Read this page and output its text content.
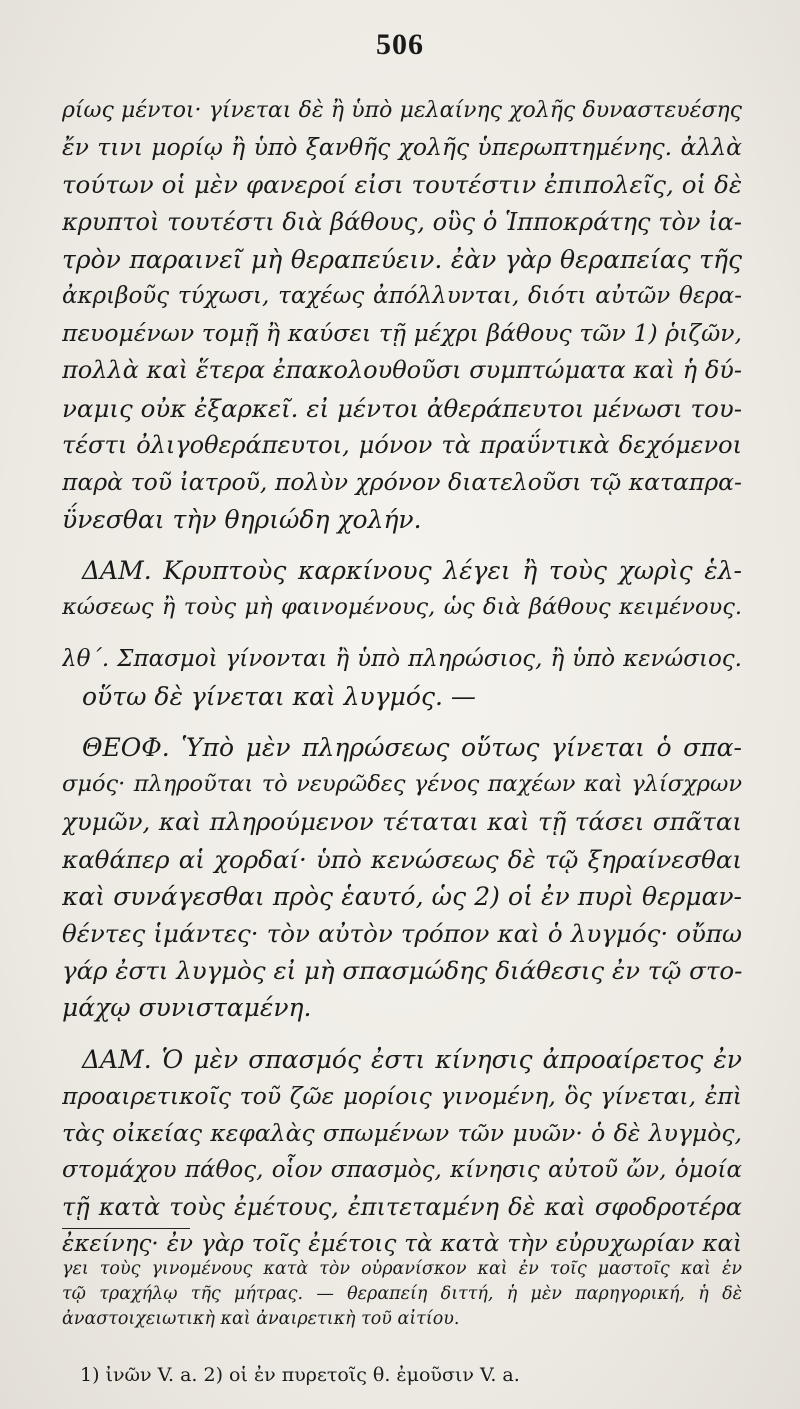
506
ρίως μέντοι· γίνεται δὲ ἢ ὑπὸ μελαίνης χολῆς δυναστευέσης
ἔν τινι μορίῳ ἢ ὑπὸ ξανθῆς χολῆς ὑπερωπτημένης. ἀλλὰ
τούτων οἱ μὲν φανεροί εἰσι τουτέστιν ἐπιπολεῖς, οἱ δὲ
κρυπτοὶ τουτέστι διὰ βάθους, οὓς ὁ Ἱπποκράτης τὸν ἰα-
τρὸν παραινεῖ μὴ θεραπεύειν. ἐὰν γὰρ θεραπείας τῆς
ἀκριβοῦς τύχωσι, ταχέως ἀπόλλυνται, διότι αὐτῶν θερα-
πευομένων τομῇ ἢ καύσει τῇ μέχρι βάθους τῶν 1) ῥιζῶν,
πολλὰ καὶ ἕτερα ἐπακολουθοῦσι συμπτώματα καὶ ἡ δύ-
ναμις οὐκ ἐξαρκεῖ. εἰ μέντοι ἀθεράπευτοι μένωσι του-
τέστι ὀλιγοθεράπευτοι, μόνον τὰ πραΰντικὰ δεχόμενοι
παρὰ τοῦ ἰατροῦ, πολὺν χρόνον διατελοῦσι τῷ καταπρα-
ΰνεσθαι τὴν θηριώδη χολήν.
ΔΑΜ. Κρυπτοὺς καρκίνους λέγει ἢ τοὺς χωρὶς ἑλ-
κώσεως ἢ τοὺς μὴ φαινομένους, ὡς διὰ βάθους κειμένους.
λθ΄. Σπασμοὶ γίνονται ἢ ὑπὸ πληρώσιος, ἢ ὑπὸ κενώσιος.
οὕτω δὲ γίνεται καὶ λυγμός. —
ΘΕΟΦ. Ὑπὸ μὲν πληρώσεως οὕτως γίνεται ὁ σπα-
σμός· πληροῦται τὸ νευρῶδες γένος παχέων καὶ γλίσχρων
χυμῶν, καὶ πληρούμενον τέταται καὶ τῇ τάσει σπᾶται
καθάπερ αἱ χορδαί· ὑπὸ κενώσεως δὲ τῷ ξηραίνεσθαι
καὶ συνάγεσθαι πρὸς ἑαυτό, ὡς 2) οἱ ἐν πυρὶ θερμαν-
θέντες ἱμάντες· τὸν αὐτὸν τρόπον καὶ ὁ λυγμός· οὔπω
γάρ ἐστι λυγμὸς εἰ μὴ σπασμώδης διάθεσις ἐν τῷ στο-
μάχῳ συνισταμένη.
ΔΑΜ. Ὁ μὲν σπασμός ἐστι κίνησις ἀπροαίρετος ἐν
προαιρετικοῖς τοῦ ζῶε μορίοις γινομένη, ὃς γίνεται, ἐπὶ
τὰς οἰκείας κεφαλὰς σπωμένων τῶν μυῶν· ὁ δὲ λυγμὸς,
στομάχου πάθος, οἷον σπασμὸς, κίνησις αὐτοῦ ὤν, ὁμοία
τῇ κατὰ τοὺς ἐμέτους, ἐπιτεταμένη δὲ καὶ σφοδροτέρα
ἐκείνης· ἐν γὰρ τοῖς ἐμέτοις τὰ κατὰ τὴν εὐρυχωρίαν καὶ
γει τοὺς γινομένους κατὰ τὸν οὐρανίσκον καὶ ἐν τοῖς μαστοῖς καὶ ἐν
τῷ τραχήλῳ τῆς μήτρας. — θεραπείη διττή, ἡ μὲν παρηγορική, ἡ δὲ
ἀναστοιχειωτικὴ καὶ ἀναιρετικὴ τοῦ αἰτίου.
1) ἰνῶν V. a. 2) οἱ ἐν πυρετοῖς θ. ἐμοῦσιν V. a.
